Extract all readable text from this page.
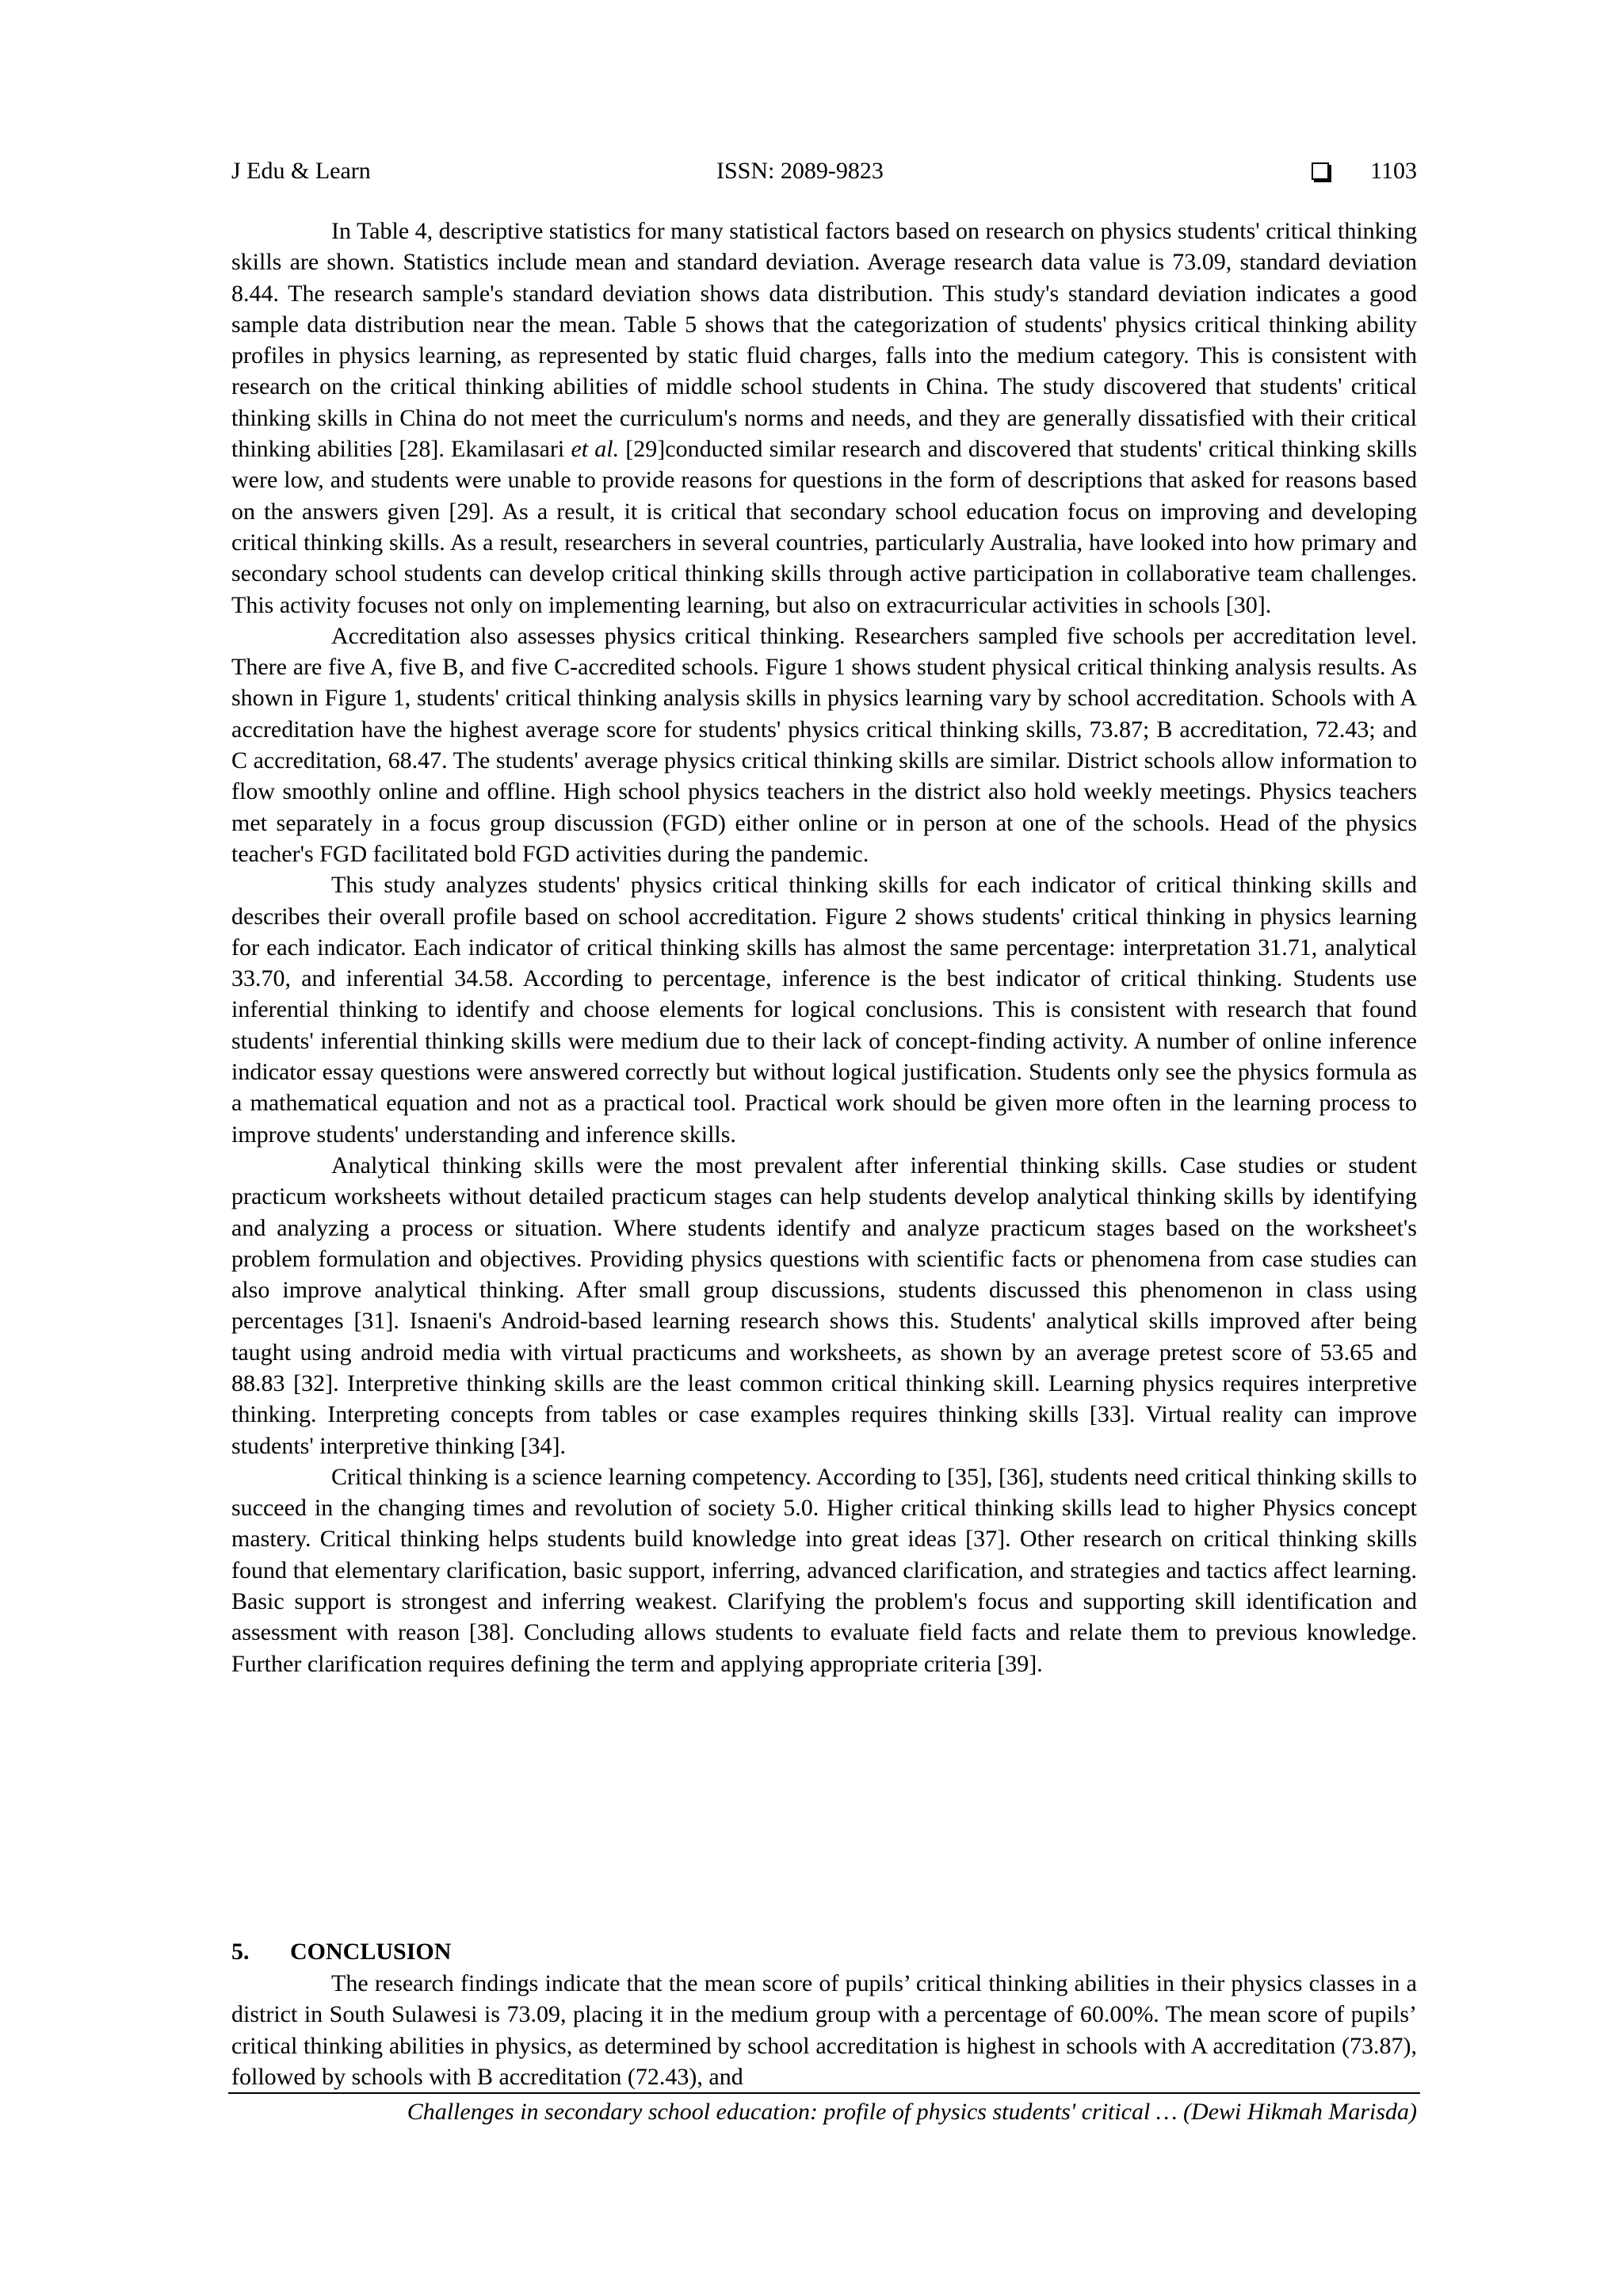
J Edu & Learn	ISSN: 2089-9823	1103

In Table 4, descriptive statistics for many statistical factors based on research on physics students' critical thinking skills are shown. Statistics include mean and standard deviation. Average research data value is 73.09, standard deviation 8.44. The research sample's standard deviation shows data distribution. This study's standard deviation indicates a good sample data distribution near the mean. Table 5 shows that the categorization of students' physics critical thinking ability profiles in physics learning, as represented by static fluid charges, falls into the medium category. This is consistent with research on the critical thinking abilities of middle school students in China. The study discovered that students' critical thinking skills in China do not meet the curriculum's norms and needs, and they are generally dissatisfied with their critical thinking abilities [28]. Ekamilasari et al. [29]conducted similar research and discovered that students' critical thinking skills were low, and students were unable to provide reasons for questions in the form of descriptions that asked for reasons based on the answers given [29]. As a result, it is critical that secondary school education focus on improving and developing critical thinking skills. As a result, researchers in several countries, particularly Australia, have looked into how primary and secondary school students can develop critical thinking skills through active participation in collaborative team challenges. This activity focuses not only on implementing learning, but also on extracurricular activities in schools [30].

Accreditation also assesses physics critical thinking. Researchers sampled five schools per accreditation level. There are five A, five B, and five C-accredited schools. Figure 1 shows student physical critical thinking analysis results. As shown in Figure 1, students' critical thinking analysis skills in physics learning vary by school accreditation. Schools with A accreditation have the highest average score for students' physics critical thinking skills, 73.87; B accreditation, 72.43; and C accreditation, 68.47. The students' average physics critical thinking skills are similar. District schools allow information to flow smoothly online and offline. High school physics teachers in the district also hold weekly meetings. Physics teachers met separately in a focus group discussion (FGD) either online or in person at one of the schools. Head of the physics teacher's FGD facilitated bold FGD activities during the pandemic.

This study analyzes students' physics critical thinking skills for each indicator of critical thinking skills and describes their overall profile based on school accreditation. Figure 2 shows students' critical thinking in physics learning for each indicator. Each indicator of critical thinking skills has almost the same percentage: interpretation 31.71, analytical 33.70, and inferential 34.58. According to percentage, inference is the best indicator of critical thinking. Students use inferential thinking to identify and choose elements for logical conclusions. This is consistent with research that found students' inferential thinking skills were medium due to their lack of concept-finding activity. A number of online inference indicator essay questions were answered correctly but without logical justification. Students only see the physics formula as a mathematical equation and not as a practical tool. Practical work should be given more often in the learning process to improve students' understanding and inference skills.

Analytical thinking skills were the most prevalent after inferential thinking skills. Case studies or student practicum worksheets without detailed practicum stages can help students develop analytical thinking skills by identifying and analyzing a process or situation. Where students identify and analyze practicum stages based on the worksheet's problem formulation and objectives. Providing physics questions with scientific facts or phenomena from case studies can also improve analytical thinking. After small group discussions, students discussed this phenomenon in class using percentages [31]. Isnaeni's Android-based learning research shows this. Students' analytical skills improved after being taught using android media with virtual practicums and worksheets, as shown by an average pretest score of 53.65 and 88.83 [32]. Interpretive thinking skills are the least common critical thinking skill. Learning physics requires interpretive thinking. Interpreting concepts from tables or case examples requires thinking skills [33]. Virtual reality can improve students' interpretive thinking [34].

Critical thinking is a science learning competency. According to [35], [36], students need critical thinking skills to succeed in the changing times and revolution of society 5.0. Higher critical thinking skills lead to higher Physics concept mastery. Critical thinking helps students build knowledge into great ideas [37]. Other research on critical thinking skills found that elementary clarification, basic support, inferring, advanced clarification, and strategies and tactics affect learning. Basic support is strongest and inferring weakest. Clarifying the problem's focus and supporting skill identification and assessment with reason [38]. Concluding allows students to evaluate field facts and relate them to previous knowledge. Further clarification requires defining the term and applying appropriate criteria [39].

5. CONCLUSION

The research findings indicate that the mean score of pupils’ critical thinking abilities in their physics classes in a district in South Sulawesi is 73.09, placing it in the medium group with a percentage of 60.00%. The mean score of pupils’ critical thinking abilities in physics, as determined by school accreditation is highest in schools with A accreditation (73.87), followed by schools with B accreditation (72.43), and

Challenges in secondary school education: profile of physics students' critical … (Dewi Hikmah Marisda)
